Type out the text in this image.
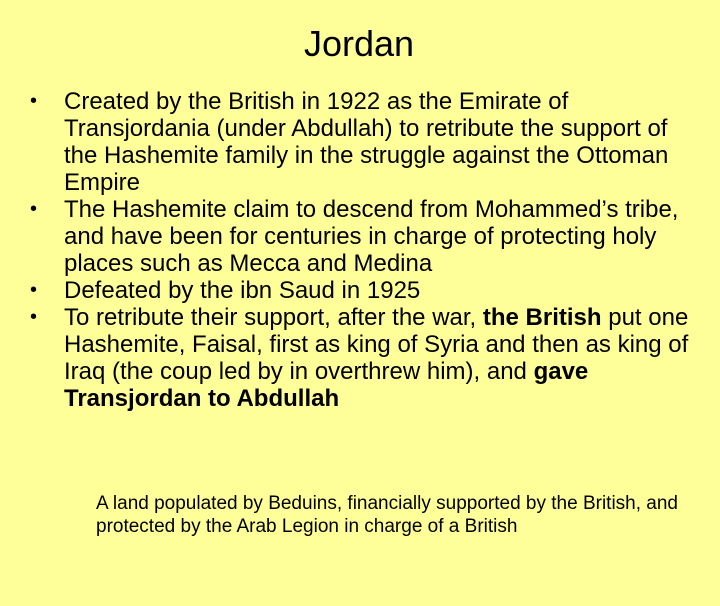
Jordan
• Created by the British in 1922 as the Emirate of Transjordania (under Abdullah) to retribute the support of the Hashemite family in the struggle against the Ottoman Empire
• The Hashemite claim to descend from Mohammed’s tribe, and have been for centuries in charge of protecting holy places such as Mecca and Medina
• Defeated by the ibn Saud in 1925
• To retribute their support, after the war, the British put one Hashemite, Faisal, first as king of Syria and then as king of Iraq (the coup led by in overthrew him), and gave Transjordan to Abdullah
A land populated by Beduins, financially supported by the British, and protected by the Arab Legion in charge of a British
